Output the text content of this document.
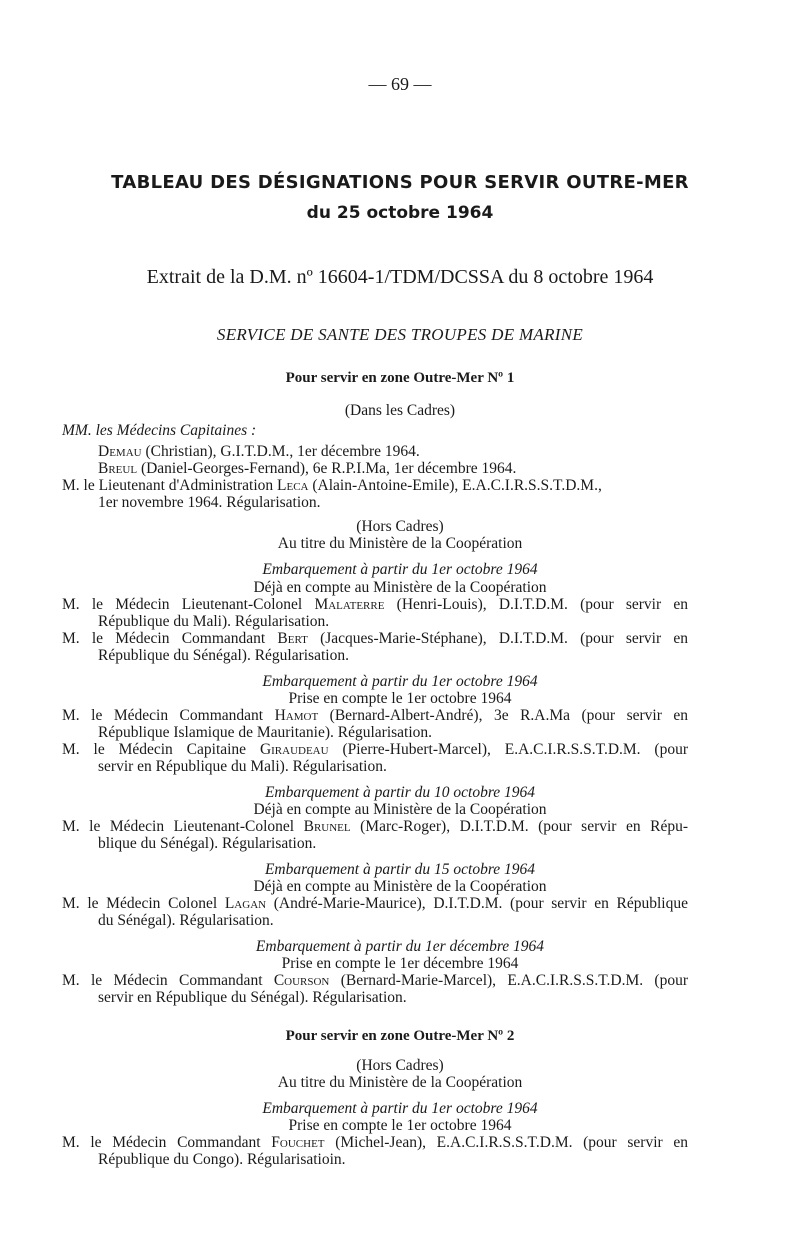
— 69 —
TABLEAU DES DÉSIGNATIONS POUR SERVIR OUTRE-MER
du 25 octobre 1964
Extrait de la D.M. nº 16604-1/TDM/DCSSA du 8 octobre 1964
SERVICE DE SANTE DES TROUPES DE MARINE
Pour servir en zone Outre-Mer Nº 1
(Dans les Cadres)
MM. les Médecins Capitaines :
Demau (Christian), G.I.T.D.M., 1er décembre 1964.
Breul (Daniel-Georges-Fernand), 6e R.P.I.Ma, 1er décembre 1964.
M. le Lieutenant d'Administration Leca (Alain-Antoine-Emile), E.A.C.I.R.S.S.T.D.M.,
1er novembre 1964. Régularisation.
(Hors Cadres)
Au titre du Ministère de la Coopération
Embarquement à partir du 1er octobre 1964
Déjà en compte au Ministère de la Coopération
M. le Médecin Lieutenant-Colonel Malaterre (Henri-Louis), D.I.T.D.M. (pour servir en
République du Mali). Régularisation.
M. le Médecin Commandant Bert (Jacques-Marie-Stéphane), D.I.T.D.M. (pour servir en
République du Sénégal). Régularisation.
Embarquement à partir du 1er octobre 1964
Prise en compte le 1er octobre 1964
M. le Médecin Commandant Hamot (Bernard-Albert-André), 3e R.A.Ma (pour servir en
République Islamique de Mauritanie). Régularisation.
M. le Médecin Capitaine Giraudeau (Pierre-Hubert-Marcel), E.A.C.I.R.S.S.T.D.M. (pour
servir en République du Mali). Régularisation.
Embarquement à partir du 10 octobre 1964
Déjà en compte au Ministère de la Coopération
M. le Médecin Lieutenant-Colonel Brunel (Marc-Roger), D.I.T.D.M. (pour servir en Répu-
blique du Sénégal). Régularisation.
Embarquement à partir du 15 octobre 1964
Déjà en compte au Ministère de la Coopération
M. le Médecin Colonel Lagan (André-Marie-Maurice), D.I.T.D.M. (pour servir en République
du Sénégal). Régularisation.
Embarquement à partir du 1er décembre 1964
Prise en compte le 1er décembre 1964
M. le Médecin Commandant Courson (Bernard-Marie-Marcel), E.A.C.I.R.S.S.T.D.M. (pour
servir en République du Sénégal). Régularisation.
Pour servir en zone Outre-Mer Nº 2
(Hors Cadres)
Au titre du Ministère de la Coopération
Embarquement à partir du 1er octobre 1964
Prise en compte le 1er octobre 1964
M. le Médecin Commandant Fouchet (Michel-Jean), E.A.C.I.R.S.S.T.D.M. (pour servir en
République du Congo). Régularisatioin.
